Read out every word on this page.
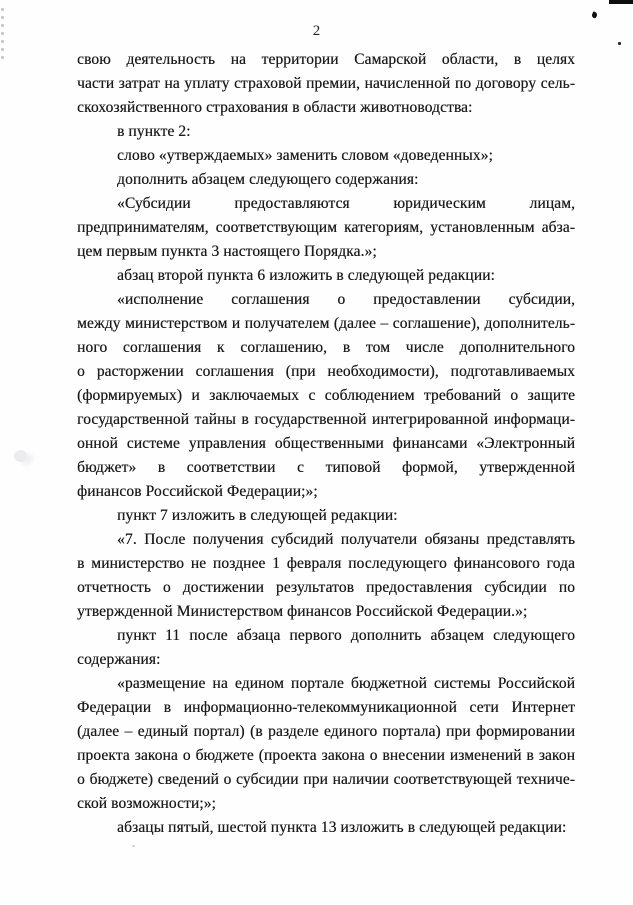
2
свою деятельность на территории Самарской области, в целях
части затрат на уплату страховой премии, начисленной по договору сель-
скохозяйственного страхования в области животноводства:
в пункте 2:
слово «утверждаемых» заменить словом «доведенных»;
дополнить абзацем следующего содержания:
«Субсидии предоставляются юридическим лицам,
предпринимателям, соответствующим категориям, установленным абза-
цем первым пункта 3 настоящего Порядка.»;
абзац второй пункта 6 изложить в следующей редакции:
«исполнение соглашения о предоставлении субсидии,
между министерством и получателем (далее – соглашение), дополнитель-
ного соглашения к соглашению, в том числе дополнительного
о расторжении соглашения (при необходимости), подготавливаемых
(формируемых) и заключаемых с соблюдением требований о защите
государственной тайны в государственной интегрированной информаци-
онной системе управления общественными финансами «Электронный
бюджет» в соответствии с типовой формой, утвержденной
финансов Российской Федерации;»;
пункт 7 изложить в следующей редакции:
«7. После получения субсидий получатели обязаны представлять
в министерство не позднее 1 февраля последующего финансового года
отчетность о достижении результатов предоставления субсидии по
утвержденной Министерством финансов Российской Федерации.»;
пункт 11 после абзаца первого дополнить абзацем следующего
содержания:
«размещение на едином портале бюджетной системы Российской
Федерации в информационно-телекоммуникационной сети Интернет
(далее – единый портал) (в разделе единого портала) при формировании
проекта закона о бюджете (проекта закона о внесении изменений в закон
о бюджете) сведений о субсидии при наличии соответствующей техниче-
ской возможности;»;
абзацы пятый, шестой пункта 13 изложить в следующей редакции:
